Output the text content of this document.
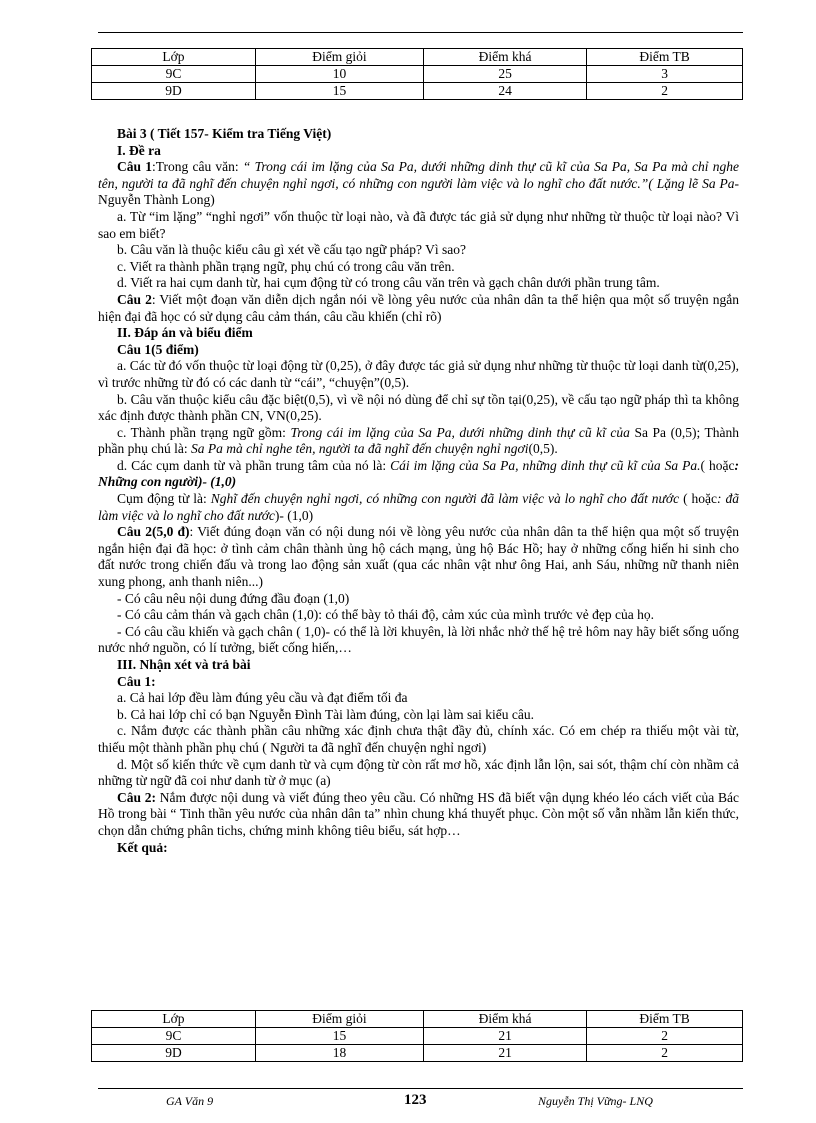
Lớp	Điểm giỏi	Điểm khá	Điểm TB
9C	10	25	3
9D	15	24	2

Bài 3 ( Tiết 157- Kiểm tra Tiếng Việt)

I. Đề ra

Câu 1:Trong câu văn: “ Trong cái im lặng của Sa Pa, dưới những dinh thự cũ kĩ của Sa Pa, Sa Pa mà chỉ nghe tên, người ta đã nghĩ đến chuyện nghỉ ngơi, có những con người làm việc và lo nghĩ cho đất nước.”( Lặng lẽ Sa Pa- Nguyễn Thành Long)

a. Từ “im lặng” “nghỉ ngơi” vốn thuộc từ loại nào, và đã được tác giả sử dụng như những từ thuộc từ loại nào? Vì sao em biết?

b. Câu văn là thuộc kiểu câu gì xét về cấu tạo ngữ pháp? Vì sao?

c. Viết ra thành phần trạng ngữ, phụ chú có trong câu văn trên.

d. Viết ra hai cụm danh từ, hai cụm động từ có trong câu văn trên và gạch chân dưới phần trung tâm.

Câu 2: Viết một đoạn văn diễn dịch ngắn nói về lòng yêu nước của nhân dân ta thể hiện qua một số truyện ngắn hiện đại đã học có sử dụng câu cảm thán, câu cầu khiến (chỉ rõ)

II. Đáp án và biểu điểm

Câu 1(5 điểm)

a. Các từ đó vốn thuộc từ loại động từ (0,25), ở đây được tác giả sử dụng như những từ thuộc từ loại danh từ(0,25), vì trước những từ đó có các danh từ “cái”, “chuyện”(0,5).

b. Câu văn thuộc kiểu câu đặc biệt(0,5), vì về nội nó dùng để chỉ sự tồn tại(0,25), về cấu tạo ngữ pháp thì ta không xác định được thành phần CN, VN(0,25).

c. Thành phần trạng ngữ gồm: Trong cái im lặng của Sa Pa, dưới những dinh thự cũ kĩ của Sa Pa (0,5); Thành phần phụ chú là: Sa Pa mà chỉ nghe tên, người ta đã nghĩ đến chuyện nghỉ ngơi(0,5).

d. Các cụm danh từ và phần trung tâm của nó là: Cái im lặng của Sa Pa, những dinh thự cũ kĩ của Sa Pa.( hoặc: Những con người)- (1,0)

Cụm động từ là: Nghĩ đến chuyện nghỉ ngơi, có những con người đã làm việc và lo nghĩ cho đất nước ( hoặc: đã làm việc và lo nghĩ cho đất nước)- (1,0)

Câu 2(5,0 đ): Viết đúng đoạn văn có nội dung nói về lòng yêu nước của nhân dân ta thể hiện qua một số truyện ngắn hiện đại đã học: ở tình cảm chân thành ủng hộ cách mạng, ủng hộ Bác Hồ; hay ở những cống hiến hi sinh cho đất nước trong chiến đấu và trong lao động sản xuất (qua các nhân vật như ông Hai, anh Sáu, những nữ thanh niên xung phong, anh thanh niên...)

- Có câu nêu nội dung đứng đầu đoạn (1,0)

- Có câu cảm thán và gạch chân (1,0): có thể bày tỏ thái độ, cảm xúc của mình trước vẻ đẹp của họ.

- Có câu cầu khiến và gạch chân ( 1,0)- có thể là lời khuyên, là lời nhắc nhở thế hệ trẻ hôm nay hãy biết sống uống nước nhớ nguồn, có lí tưởng, biết cống hiến,…

III. Nhận xét và trả bài

Câu 1:

a. Cả hai lớp đều làm đúng yêu cầu và đạt điểm tối đa

b. Cả hai lớp chỉ có bạn Nguyễn Đình Tài làm đúng, còn lại làm sai kiểu câu.

c. Nắm được các thành phần câu những xác định chưa thật đầy đủ, chính xác. Có em chép ra thiếu một vài từ, thiếu một thành phần phụ chú ( Người ta đã nghĩ đến chuyện nghỉ ngơi)

d. Một số kiến thức về cụm danh từ và cụm động từ còn rất mơ hồ, xác định lẫn lộn, sai sót, thậm chí còn nhầm cả những từ ngữ đã coi như danh từ ở mục (a)

Câu 2: Nắm được nội dung và viết đúng theo yêu cầu. Có những HS đã biết vận dụng khéo léo cách viết của Bác Hồ trong bài “ Tinh thần yêu nước của nhân dân ta” nhìn chung khá thuyết phục. Còn một số vẫn nhầm lẫn kiến thức, chọn dẫn chứng phân tichs, chứng minh không tiêu biểu, sát hợp…

Kết quả:

Lớp	Điểm giỏi	Điểm khá	Điểm TB
9C	15	21	2
9D	18	21	2
GA Văn 9	123	Nguyễn Thị Vững- LNQ
